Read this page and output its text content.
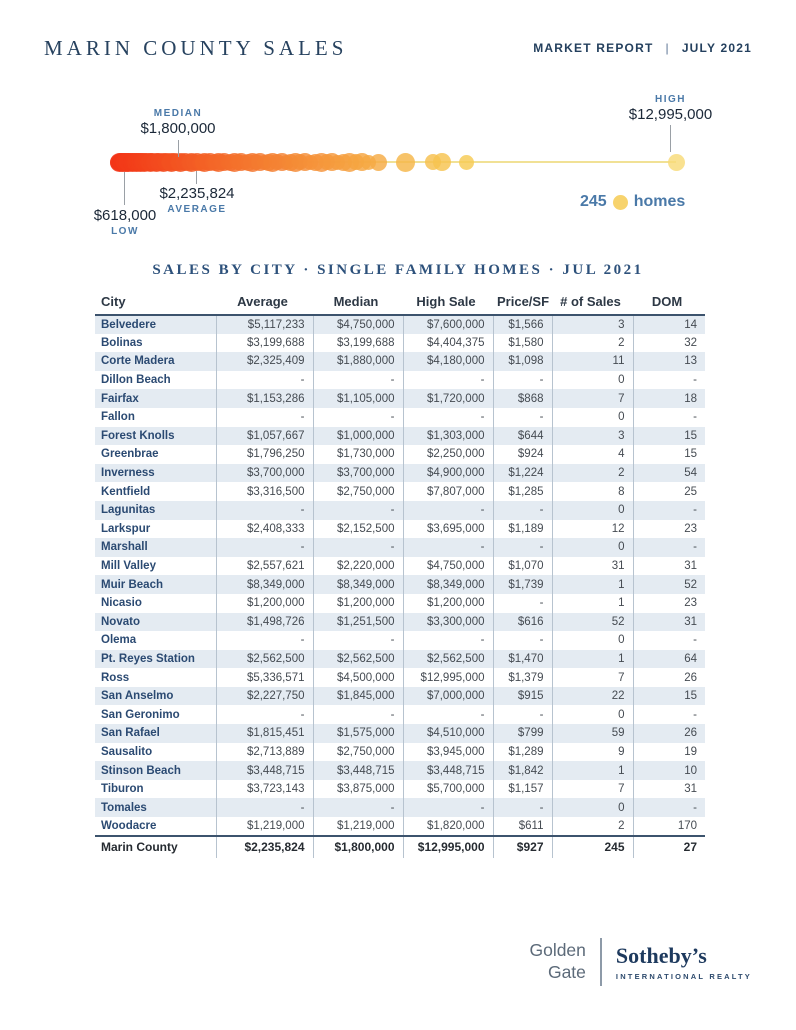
MARIN COUNTY SALES	MARKET REPORT	|	JULY 2021
MEDIAN
$1,800,000
HIGH
$12,995,000
$2,235,824
AVERAGE
$618,000
LOW
245 homes
SALES BY CITY · SINGLE FAMILY HOMES · JUL 2021
City	Average	Median	High Sale	Price/SF	# of Sales	DOM
Belvedere	$5,117,233	$4,750,000	$7,600,000	$1,566	3	14
Bolinas	$3,199,688	$3,199,688	$4,404,375	$1,580	2	32
Corte Madera	$2,325,409	$1,880,000	$4,180,000	$1,098	11	13
Dillon Beach	-	-	-	-	0	-
Fairfax	$1,153,286	$1,105,000	$1,720,000	$868	7	18
Fallon	-	-	-	-	0	-
Forest Knolls	$1,057,667	$1,000,000	$1,303,000	$644	3	15
Greenbrae	$1,796,250	$1,730,000	$2,250,000	$924	4	15
Inverness	$3,700,000	$3,700,000	$4,900,000	$1,224	2	54
Kentfield	$3,316,500	$2,750,000	$7,807,000	$1,285	8	25
Lagunitas	-	-	-	-	0	-
Larkspur	$2,408,333	$2,152,500	$3,695,000	$1,189	12	23
Marshall	-	-	-	-	0	-
Mill Valley	$2,557,621	$2,220,000	$4,750,000	$1,070	31	31
Muir Beach	$8,349,000	$8,349,000	$8,349,000	$1,739	1	52
Nicasio	$1,200,000	$1,200,000	$1,200,000	-	1	23
Novato	$1,498,726	$1,251,500	$3,300,000	$616	52	31
Olema	-	-	-	-	0	-
Pt. Reyes Station	$2,562,500	$2,562,500	$2,562,500	$1,470	1	64
Ross	$5,336,571	$4,500,000	$12,995,000	$1,379	7	26
San Anselmo	$2,227,750	$1,845,000	$7,000,000	$915	22	15
San Geronimo	-	-	-	-	0	-
San Rafael	$1,815,451	$1,575,000	$4,510,000	$799	59	26
Sausalito	$2,713,889	$2,750,000	$3,945,000	$1,289	9	19
Stinson Beach	$3,448,715	$3,448,715	$3,448,715	$1,842	1	10
Tiburon	$3,723,143	$3,875,000	$5,700,000	$1,157	7	31
Tomales	-	-	-	-	0	-
Woodacre	$1,219,000	$1,219,000	$1,820,000	$611	2	170
Marin County	$2,235,824	$1,800,000	$12,995,000	$927	245	27
Golden
Gate
Sotheby’s
INTERNATIONAL REALTY
